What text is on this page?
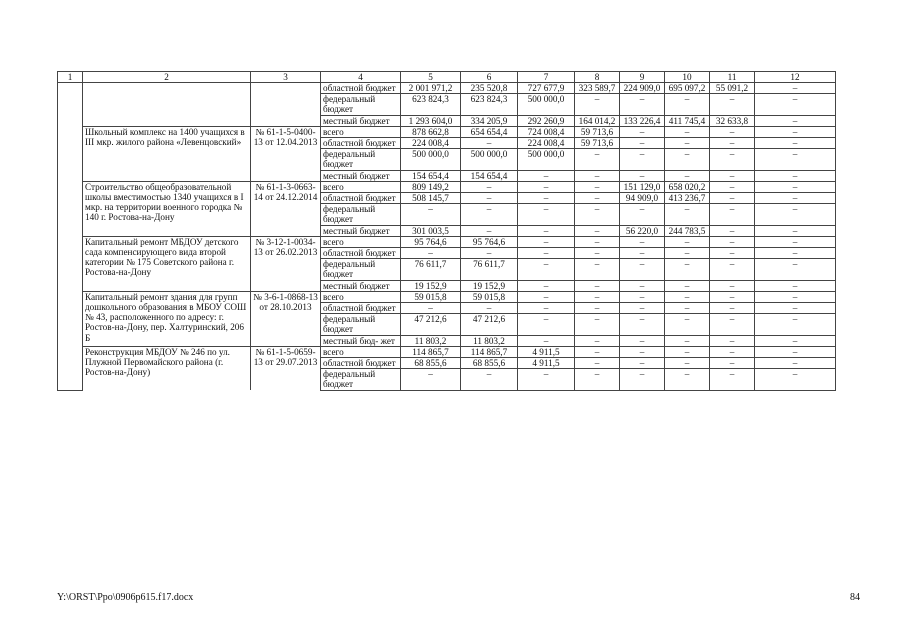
1	2	3	4	5	6	7	8	9	10	11	12
			областной бюджет	2 001 971,2	235 520,8	727 677,9	323 589,7	224 909,0	695 097,2	55 091,2	–
			федеральный бюджет	623 824,3	623 824,3	500 000,0	–	–	–	–	–
			местный бюджет	1 293 604,0	334 205,9	292 260,9	164 014,2	133 226,4	411 745,4	32 633,8	–
	Школьный комплекс на 1400 учащихся в III мкр. жилого района «Левенцовский»	№ 61-1-5-0400-13 от 12.04.2013	всего	878 662,8	654 654,4	724 008,4	59 713,6	–	–	–	–
			областной бюджет	224 008,4	–	224 008,4	59 713,6	–	–	–	–
			федеральный бюджет	500 000,0	500 000,0	500 000,0	–	–	–	–	–
			местный бюджет	154 654,4	154 654,4	–	–	–	–	–	–
	Строительство общеобразовательной школы вместимостью 1340 учащихся в I мкр. на территории военного городка № 140 г. Ростова-на-Дону	№ 61-1-3-0663-14 от 24.12.2014	всего	809 149,2	–	–	–	151 129,0	658 020,2	–	–
			областной бюджет	508 145,7	–	–	–	94 909,0	413 236,7	–	–
			федеральный бюджет	–	–	–	–	–	–	–	–
			местный бюджет	301 003,5	–	–	–	56 220,0	244 783,5	–	–
	Капитальный ремонт МБДОУ детского сада компенсирующего вида второй категории № 175 Советского района г. Ростова-на-Дону	№ 3-12-1-0034-13 от 26.02.2013	всего	95 764,6	95 764,6	–	–	–	–	–	–
			областной бюджет	–	–	–	–	–	–	–	–
			федеральный бюджет	76 611,7	76 611,7	–	–	–	–	–	–
			местный бюджет	19 152,9	19 152,9	–	–	–	–	–	–
	Капитальный ремонт здания для групп дошкольного образования в МБОУ СОШ № 43, расположенного по адресу: г. Ростов-на-Дону, пер. Халтуринский, 206 Б	№ 3-6-1-0868-13 от 28.10.2013	всего	59 015,8	59 015,8	–	–	–	–	–	–
			областной бюджет	–	–	–	–	–	–	–	–
			федеральный бюджет	47 212,6	47 212,6	–	–	–	–	–	–
			местный бюд- жет	11 803,2	11 803,2	–	–	–	–	–	–
	Реконструкция МБДОУ № 246 по ул. Плужной Первомайского района (г. Ростов-на-Дону)	№ 61-1-5-0659-13 от 29.07.2013	всего	114 865,7	114 865,7	4 911,5	–	–	–	–	–
			областной бюджет	68 855,6	68 855,6	4 911,5	–	–	–	–	–
			федеральный бюджет	–	–	–	–	–	–	–	–
Y:\ORST\Ppo\0906p615.f17.docx	84
